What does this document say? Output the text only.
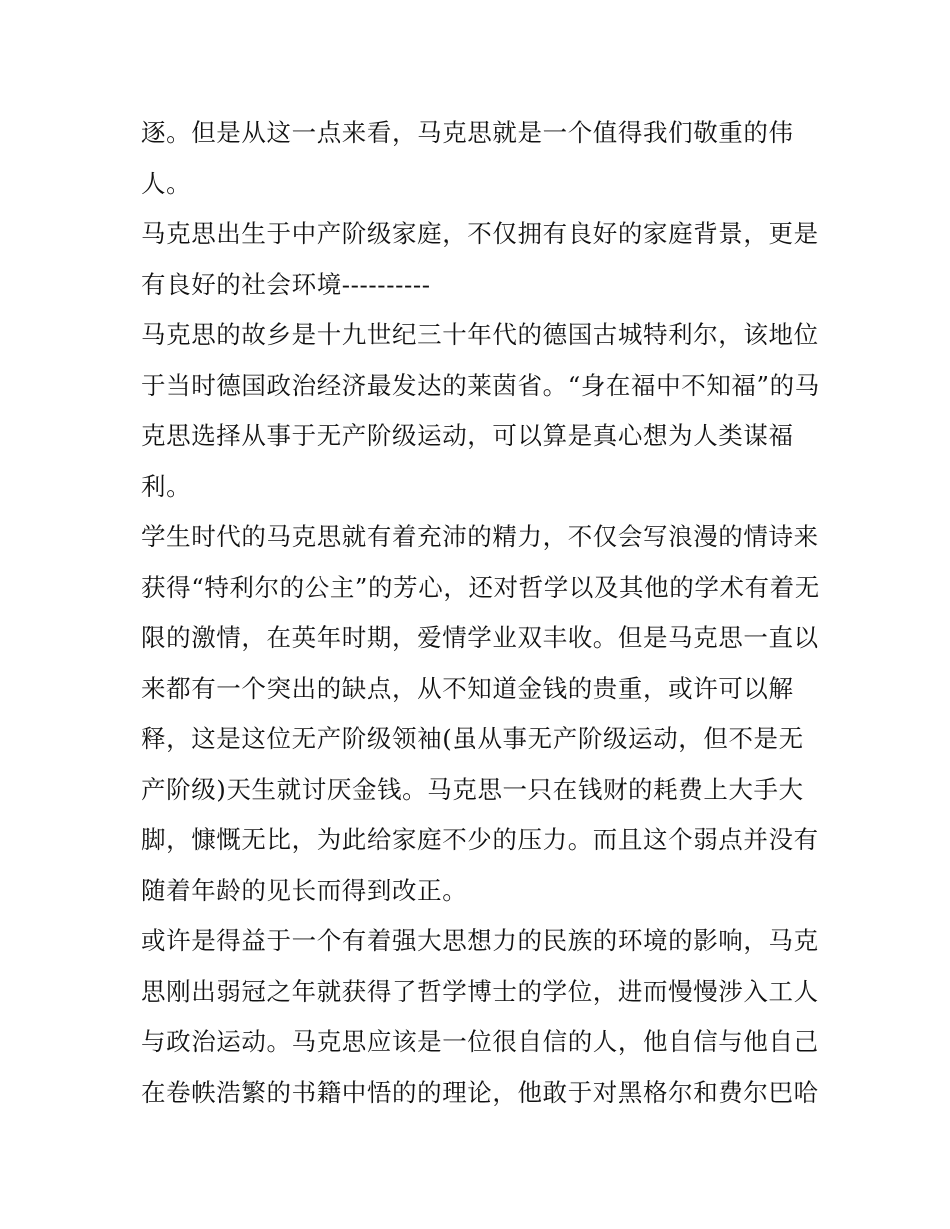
逐。但是从这一点来看，马克思就是一个值得我们敬重的伟
人。
马克思出生于中产阶级家庭，不仅拥有良好的家庭背景，更是
有良好的社会环境----------
马克思的故乡是十九世纪三十年代的德国古城特利尔，该地位
于当时德国政治经济最发达的莱茵省。“身在福中不知福”的马
克思选择从事于无产阶级运动，可以算是真心想为人类谋福
利。
学生时代的马克思就有着充沛的精力，不仅会写浪漫的情诗来
获得“特利尔的公主”的芳心，还对哲学以及其他的学术有着无
限的激情，在英年时期，爱情学业双丰收。但是马克思一直以
来都有一个突出的缺点，从不知道金钱的贵重，或许可以解
释，这是这位无产阶级领袖(虽从事无产阶级运动，但不是无
产阶级)天生就讨厌金钱。马克思一只在钱财的耗费上大手大
脚，慷慨无比，为此给家庭不少的压力。而且这个弱点并没有
随着年龄的见长而得到改正。
或许是得益于一个有着强大思想力的民族的环境的影响，马克
思刚出弱冠之年就获得了哲学博士的学位，进而慢慢涉入工人
与政治运动。马克思应该是一位很自信的人，他自信与他自己
在卷帙浩繁的书籍中悟的的理论，他敢于对黑格尔和费尔巴哈
